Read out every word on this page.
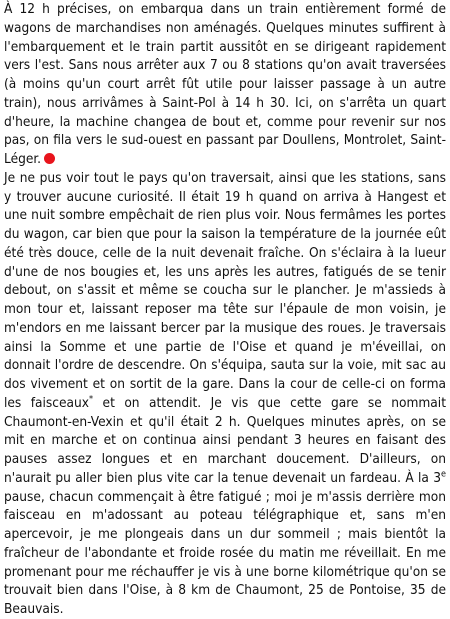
À 12 h précises, on embarqua dans un train entièrement formé de wagons de marchandises non aménagés. Quelques minutes suffirent à l'embarquement et le train partit aussitôt en se dirigeant rapidement vers l'est. Sans nous arrêter aux 7 ou 8 stations qu'on avait traversées (à moins qu'un court arrêt fût utile pour laisser passage à un autre train), nous arrivâmes à Saint-Pol à 14 h 30. Ici, on s'arrêta un quart d'heure, la machine changea de bout et, comme pour revenir sur nos pas, on fila vers le sud-ouest en passant par Doullens, Montrolet, Saint-Léger.

Je ne pus voir tout le pays qu'on traversait, ainsi que les stations, sans y trouver aucune curiosité. Il était 19 h quand on arriva à Hangest et une nuit sombre empêchait de rien plus voir. Nous fermâmes les portes du wagon, car bien que pour la saison la température de la journée eût été très douce, celle de la nuit devenait fraîche. On s'éclaira à la lueur d'une de nos bougies et, les uns après les autres, fatigués de se tenir debout, on s'assit et même se coucha sur le plancher. Je m'assieds à mon tour et, laissant reposer ma tête sur l'épaule de mon voisin, je m'endors en me laissant bercer par la musique des roues. Je traversais ainsi la Somme et une partie de l'Oise et quand je m'éveillai, on donnait l'ordre de descendre. On s'équipa, sauta sur la voie, mit sac au dos vivement et on sortit de la gare. Dans la cour de celle-ci on forma les faisceaux* et on attendit. Je vis que cette gare se nommait Chaumont-en-Vexin et qu'il était 2 h. Quelques minutes après, on se mit en marche et on continua ainsi pendant 3 heures en faisant des pauses assez longues et en marchant doucement. D'ailleurs, on n'aurait pu aller bien plus vite car la tenue devenait un fardeau. À la 3e pause, chacun commençait à être fatigué ; moi je m'assis derrière mon faisceau en m'adossant au poteau télégraphique et, sans m'en apercevoir, je me plongeais dans un dur sommeil ; mais bientôt la fraîcheur de l'abondante et froide rosée du matin me réveillait. En me promenant pour me réchauffer je vis à une borne kilométrique qu'on se trouvait bien dans l'Oise, à 8 km de Chaumont, 25 de Pontoise, 35 de Beauvais.
